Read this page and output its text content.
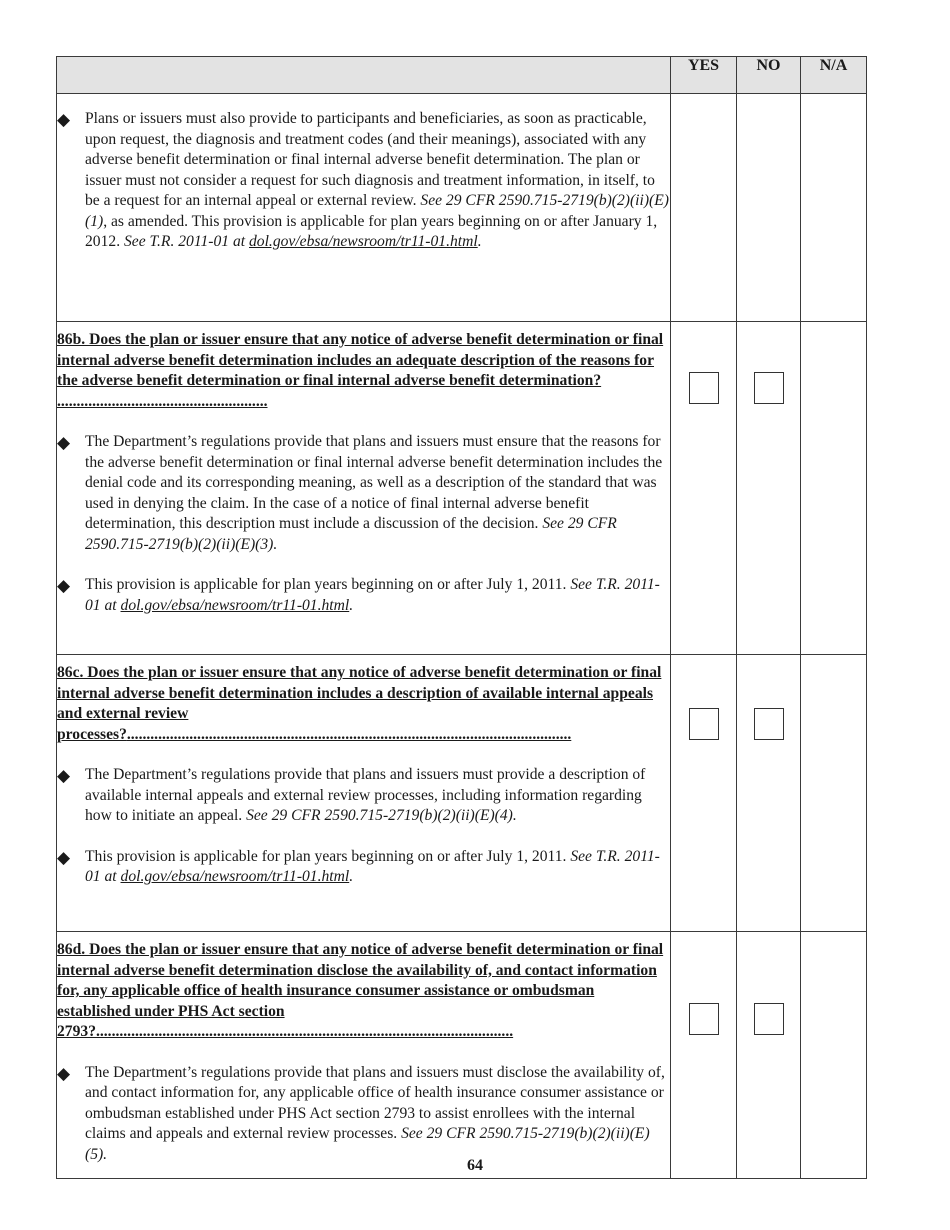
	YES	NO	N/A

◆ Plans or issuers must also provide to participants and beneficiaries, as soon as practicable, upon request, the diagnosis and treatment codes (and their meanings), associated with any adverse benefit determination or final internal adverse benefit determination. The plan or issuer must not consider a request for such diagnosis and treatment information, in itself, to be a request for an internal appeal or external review. See 29 CFR 2590.715-2719(b)(2)(ii)(E)(1), as amended. This provision is applicable for plan years beginning on or after January 1, 2012. See T.R. 2011-01 at dol.gov/ebsa/newsroom/tr11-01.html.			

86b. Does the plan or issuer ensure that any notice of adverse benefit determination or final internal adverse benefit determination includes an adequate description of the reasons for the adverse benefit determination or final internal adverse benefit determination? ......................................................

◆ The Department’s regulations provide that plans and issuers must ensure that the reasons for the adverse benefit determination or final internal adverse benefit determination includes the denial code and its corresponding meaning, as well as a description of the standard that was used in denying the claim. In the case of a notice of final internal adverse benefit determination, this description must include a discussion of the decision. See 29 CFR 2590.715-2719(b)(2)(ii)(E)(3).

◆ This provision is applicable for plan years beginning on or after July 1, 2011. See T.R. 2011-01 at dol.gov/ebsa/newsroom/tr11-01.html.			

86c. Does the plan or issuer ensure that any notice of adverse benefit determination or final internal adverse benefit determination includes a description of available internal appeals and external review processes?..................................................................................................................

◆ The Department’s regulations provide that plans and issuers must provide a description of available internal appeals and external review processes, including information regarding how to initiate an appeal. See 29 CFR 2590.715-2719(b)(2)(ii)(E)(4).

◆ This provision is applicable for plan years beginning on or after July 1, 2011. See T.R. 2011-01 at dol.gov/ebsa/newsroom/tr11-01.html.			

86d. Does the plan or issuer ensure that any notice of adverse benefit determination or final internal adverse benefit determination disclose the availability of, and contact information for, any applicable office of health insurance consumer assistance or ombudsman established under PHS Act section 2793?...........................................................................................................

◆ The Department’s regulations provide that plans and issuers must disclose the availability of, and contact information for, any applicable office of health insurance consumer assistance or ombudsman established under PHS Act section 2793 to assist enrollees with the internal claims and appeals and external review processes. See 29 CFR 2590.715-2719(b)(2)(ii)(E)(5).			

64
